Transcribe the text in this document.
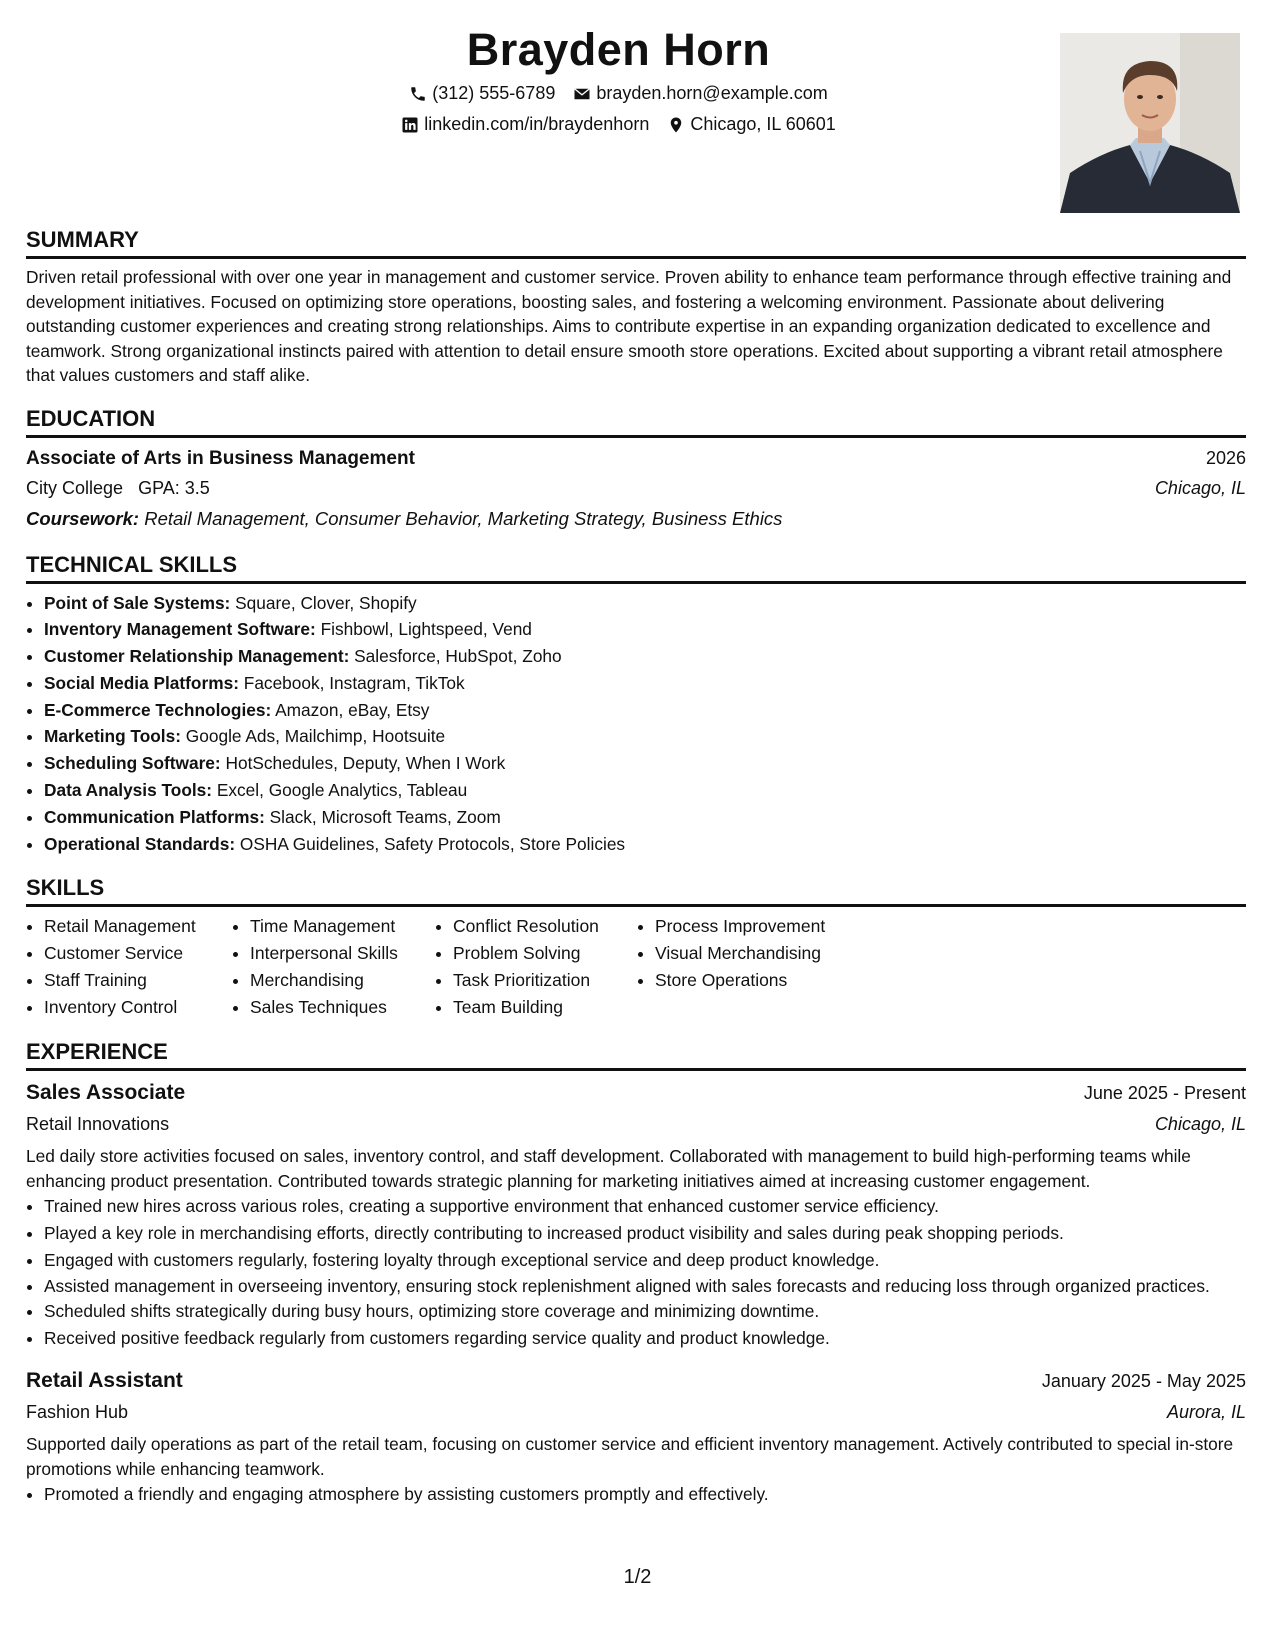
Brayden Horn
(312) 555-6789 brayden.horn@example.com
linkedin.com/in/braydenhorn Chicago, IL 60601
SUMMARY
Driven retail professional with over one year in management and customer service. Proven ability to enhance team performance through effective training and development initiatives. Focused on optimizing store operations, boosting sales, and fostering a welcoming environment. Passionate about delivering outstanding customer experiences and creating strong relationships. Aims to contribute expertise in an expanding organization dedicated to excellence and teamwork. Strong organizational instincts paired with attention to detail ensure smooth store operations. Excited about supporting a vibrant retail atmosphere that values customers and staff alike.
EDUCATION
Associate of Arts in Business Management	2026
City College GPA: 3.5	Chicago, IL
Coursework: Retail Management, Consumer Behavior, Marketing Strategy, Business Ethics
TECHNICAL SKILLS
• Point of Sale Systems: Square, Clover, Shopify
• Inventory Management Software: Fishbowl, Lightspeed, Vend
• Customer Relationship Management: Salesforce, HubSpot, Zoho
• Social Media Platforms: Facebook, Instagram, TikTok
• E-Commerce Technologies: Amazon, eBay, Etsy
• Marketing Tools: Google Ads, Mailchimp, Hootsuite
• Scheduling Software: HotSchedules, Deputy, When I Work
• Data Analysis Tools: Excel, Google Analytics, Tableau
• Communication Platforms: Slack, Microsoft Teams, Zoom
• Operational Standards: OSHA Guidelines, Safety Protocols, Store Policies
SKILLS
• Retail Management
• Customer Service
• Staff Training
• Inventory Control
• Time Management
• Interpersonal Skills
• Merchandising
• Sales Techniques
• Conflict Resolution
• Problem Solving
• Task Prioritization
• Team Building
• Process Improvement
• Visual Merchandising
• Store Operations
EXPERIENCE
Sales Associate	June 2025 - Present
Retail Innovations	Chicago, IL
Led daily store activities focused on sales, inventory control, and staff development. Collaborated with management to build high-performing teams while enhancing product presentation. Contributed towards strategic planning for marketing initiatives aimed at increasing customer engagement.
• Trained new hires across various roles, creating a supportive environment that enhanced customer service efficiency.
• Played a key role in merchandising efforts, directly contributing to increased product visibility and sales during peak shopping periods.
• Engaged with customers regularly, fostering loyalty through exceptional service and deep product knowledge.
• Assisted management in overseeing inventory, ensuring stock replenishment aligned with sales forecasts and reducing loss through organized practices.
• Scheduled shifts strategically during busy hours, optimizing store coverage and minimizing downtime.
• Received positive feedback regularly from customers regarding service quality and product knowledge.
Retail Assistant	January 2025 - May 2025
Fashion Hub	Aurora, IL
Supported daily operations as part of the retail team, focusing on customer service and efficient inventory management. Actively contributed to special in-store promotions while enhancing teamwork.
• Promoted a friendly and engaging atmosphere by assisting customers promptly and effectively.
1/2
